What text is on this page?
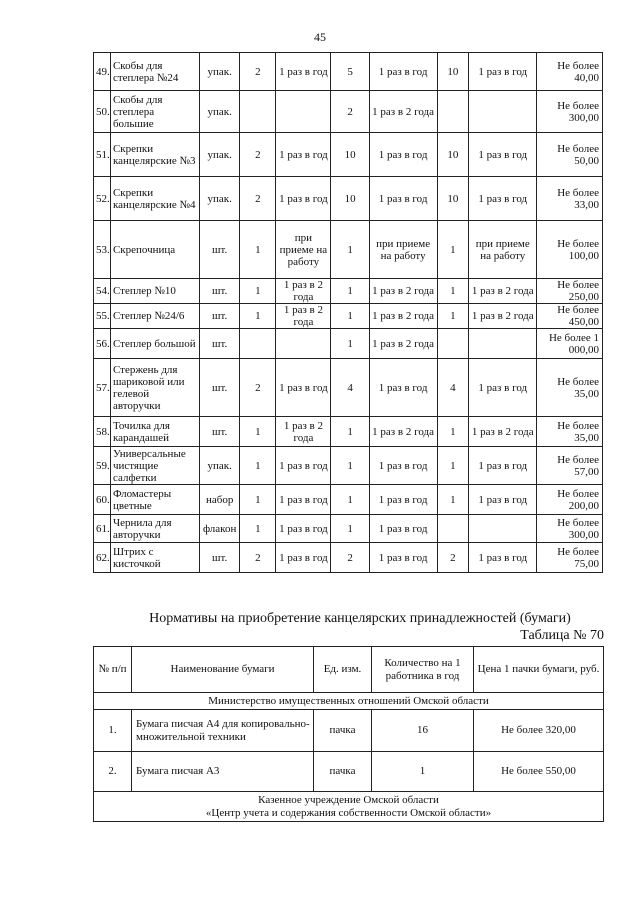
45
49.	Скобы для степлера №24	упак.	2	1 раз в год	5	1 раз в год	10	1 раз в год	Не более 40,00
50.	Скобы для степлера большие	упак.			2	1 раз в 2 года			Не более 300,00
51.	Скрепки канцелярские №3	упак.	2	1 раз в год	10	1 раз в год	10	1 раз в год	Не более 50,00
52.	Скрепки канцелярские №4	упак.	2	1 раз в год	10	1 раз в год	10	1 раз в год	Не более 33,00
53.	Скрепочница	шт.	1	при приеме на работу	1	при приеме на работу	1	при приеме на работу	Не более 100,00
54.	Степлер №10	шт.	1	1 раз в 2 года	1	1 раз в 2 года	1	1 раз в 2 года	Не более 250,00
55.	Степлер №24/6	шт.	1	1 раз в 2 года	1	1 раз в 2 года	1	1 раз в 2 года	Не более 450,00
56.	Степлер большой	шт.			1	1 раз в 2 года			Не более 1 000,00
57.	Стержень для шариковой или гелевой авторучки	шт.	2	1 раз в год	4	1 раз в год	4	1 раз в год	Не более 35,00
58.	Точилка для карандашей	шт.	1	1 раз в 2 года	1	1 раз в 2 года	1	1 раз в 2 года	Не более 35,00
59.	Универсальные чистящие салфетки	упак.	1	1 раз в год	1	1 раз в год	1	1 раз в год	Не более 57,00
60.	Фломастеры цветные	набор	1	1 раз в год	1	1 раз в год	1	1 раз в год	Не более 200,00
61.	Чернила для авторучки	флакон	1	1 раз в год	1	1 раз в год			Не более 300,00
62.	Штрих с кисточкой	шт.	2	1 раз в год	2	1 раз в год	2	1 раз в год	Не более 75,00
Нормативы на приобретение канцелярских принадлежностей (бумаги)
Таблица № 70
№ п/п	Наименование бумаги	Ед. изм.	Количество на 1 работника в год	Цена 1 пачки бумаги, руб.
Министерство имущественных отношений Омской области				
1.	Бумага писчая А4 для копировально-множительной техники	пачка	16	Не более 320,00
2.	Бумага писчая А3	пачка	1	Не более 550,00
Казенное учреждение Омской области
«Центр учета и содержания собственности Омской области»				
